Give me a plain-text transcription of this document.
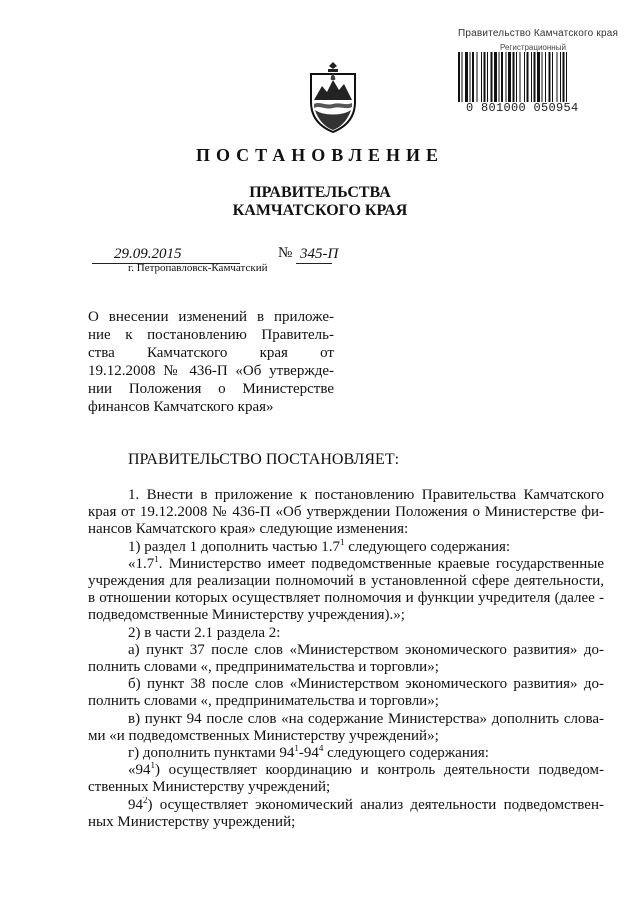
Правительство Камчатского края
Регистрационный
0 801000 050954
ПОСТАНОВЛЕНИЕ
ПРАВИТЕЛЬСТВА
КАМЧАТСКОГО КРАЯ
29.09.2015	№ 345-П
г. Петропавловск-Камчатский
О внесении изменений в приложе-
ние к постановлению Правитель-
ства Камчатского края от
19.12.2008 № 436-П «Об утвержде-
нии Положения о Министерстве
финансов Камчатского края»
ПРАВИТЕЛЬСТВО ПОСТАНОВЛЯЕТ:
1. Внести в приложение к постановлению Правительства Камчатского
края от 19.12.2008 № 436-П «Об утверждении Положения о Министерстве фи-
нансов Камчатского края» следующие изменения:
1) раздел 1 дополнить частью $1.7^1$ следующего содержания:
«$1.7^1$. Министерство имеет подведомственные краевые государственные
учреждения для реализации полномочий в установленной сфере деятельности,
в отношении которых осуществляет полномочия и функции учредителя (далее -
подведомственные Министерству учреждения).»;
2) в части 2.1 раздела 2:
а) пункт 37 после слов «Министерством экономического развития» до-
полнить словами «, предпринимательства и торговли»;
б) пункт 38 после слов «Министерством экономического развития» до-
полнить словами «, предпринимательства и торговли»;
в) пункт 94 после слов «на содержание Министерства» дополнить слова-
ми «и подведомственных Министерству учреждений»;
г) дополнить пунктами $94^1-94^4$ следующего содержания:
«$94^1$) осуществляет координацию и контроль деятельности подведом-
ственных Министерству учреждений;
$94^2$) осуществляет экономический анализ деятельности подведомствен-
ных Министерству учреждений;
